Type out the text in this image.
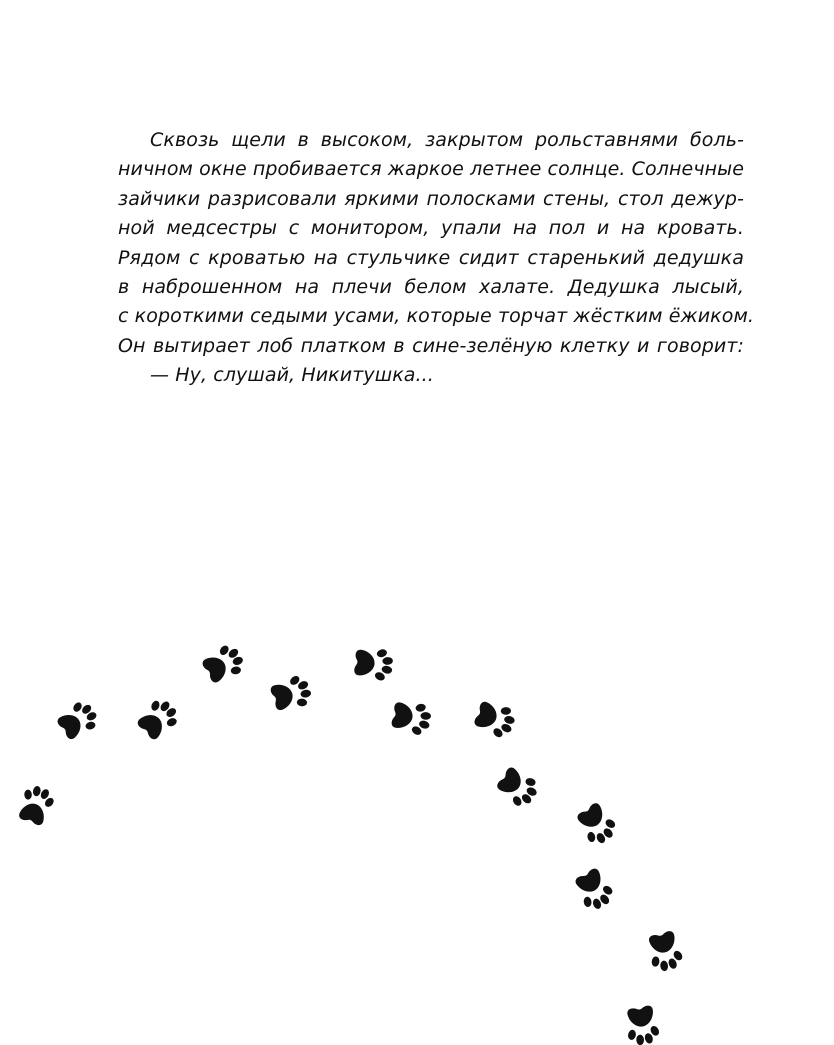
Сквозь щели в высоком, закрытом рольставнями боль-
ничном окне пробивается жаркое летнее солнце. Солнечные
зайчики разрисовали яркими полосками стены, стол дежур-
ной медсестры с монитором, упали на пол и на кровать.
Рядом с кроватью на стульчике сидит старенький дедушка
в наброшенном на плечи белом халате. Дедушка лысый,
с короткими седыми усами, которые торчат жёстким ёжиком.
Он вытирает лоб платком в сине-зелёную клетку и говорит:
— Ну, слушай, Никитушка...
